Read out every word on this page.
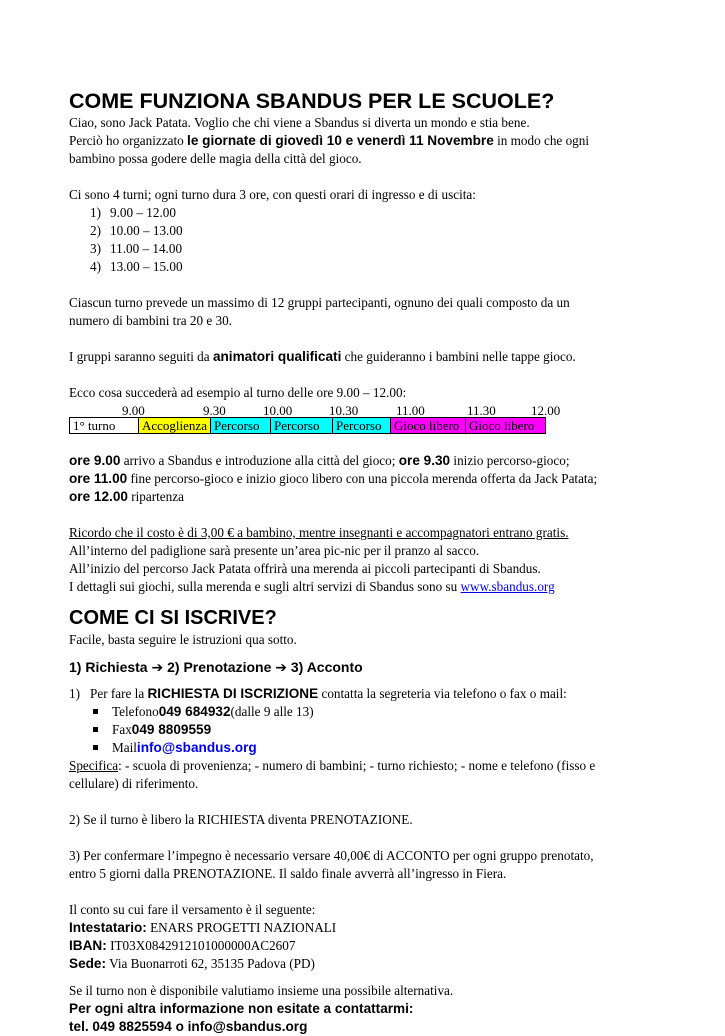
COME FUNZIONA SBANDUS PER LE SCUOLE?

Ciao, sono Jack Patata. Voglio che chi viene a Sbandus si diverta un mondo e stia bene.

Perciò ho organizzato le giornate di giovedì 10 e venerdì 11 Novembre in modo che ogni

bambino possa godere delle magia della città del gioco.

Ci sono 4 turni; ogni turno dura 3 ore, con questi orari di ingresso e di uscita:

1) 9.00 – 12.00
2) 10.00 – 13.00
3) 11.00 – 14.00
4) 13.00 – 15.00

Ciascun turno prevede un massimo di 12 gruppi partecipanti, ognuno dei quali composto da un

numero di bambini tra 20 e 30.

I gruppi saranno seguiti da animatori qualificati che guideranno i bambini nelle tappe gioco.

Ecco cosa succederà ad esempio al turno delle ore 9.00 – 12.00:

9.00	9.30	10.00	10.30	11.00	11.30	12.00
1° turno	Accoglienza	Percorso	Percorso	Percorso	Gioco libero	Gioco libero

ore 9.00 arrivo a Sbandus e introduzione alla città del gioco; ore 9.30 inizio percorso-gioco;

ore 11.00 fine percorso-gioco e inizio gioco libero con una piccola merenda offerta da Jack Patata;

ore 12.00 ripartenza

Ricordo che il costo è di 3,00 € a bambino, mentre insegnanti e accompagnatori entrano gratis.

All’interno del padiglione sarà presente un’area pic-nic per il pranzo al sacco.

All’inizio del percorso Jack Patata offrirà una merenda ai piccoli partecipanti di Sbandus.

I dettagli sui giochi, sulla merenda e sugli altri servizi di Sbandus sono su www.sbandus.org

COME CI SI ISCRIVE?

Facile, basta seguire le istruzioni qua sotto.

1) Richiesta ➔ 2) Prenotazione ➔ 3) Acconto

1) Per fare la RICHIESTA DI ISCRIZIONE contatta la segreteria via telefono o fax o mail:
Telefono 049 684932 (dalle 9 alle 13)
Fax 049 8809559
Mail info@sbandus.org

Specifica: - scuola di provenienza; - numero di bambini; - turno richiesto; - nome e telefono (fisso e

cellulare) di riferimento.

2) Se il turno è libero la RICHIESTA diventa PRENOTAZIONE.

3) Per confermare l’impegno è necessario versare 40,00€ di ACCONTO per ogni gruppo prenotato,

entro 5 giorni dalla PRENOTAZIONE. Il saldo finale avverrà all’ingresso in Fiera.

Il conto su cui fare il versamento è il seguente:

Intestatario: ENARS PROGETTI NAZIONALI

IBAN: IT03X0842912101000000AC2607

Sede: Via Buonarroti 62, 35135 Padova (PD)

Se il turno non è disponibile valutiamo insieme una possibile alternativa.

Per ogni altra informazione non esitate a contattarmi:

tel. 049 8825594 o info@sbandus.org
